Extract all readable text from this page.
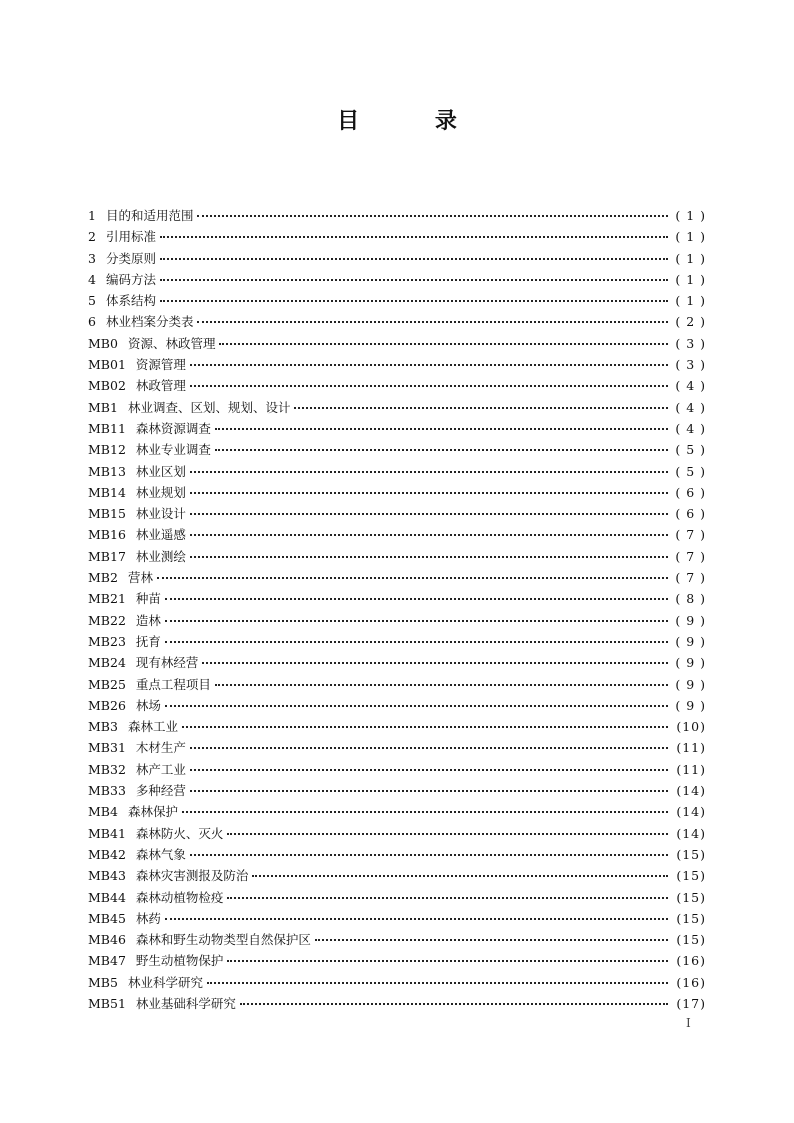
目	录
1 目的和适用范围	( 1 )
2 引用标准	( 1 )
3 分类原则	( 1 )
4 编码方法	( 1 )
5 体系结构	( 1 )
6 林业档案分类表	( 2 )
MB0 资源、林政管理	( 3 )
MB01 资源管理	( 3 )
MB02 林政管理	( 4 )
MB1 林业调查、区划、规划、设计	( 4 )
MB11 森林资源调查	( 4 )
MB12 林业专业调查	( 5 )
MB13 林业区划	( 5 )
MB14 林业规划	( 6 )
MB15 林业设计	( 6 )
MB16 林业遥感	( 7 )
MB17 林业测绘	( 7 )
MB2 营林	( 7 )
MB21 种苗	( 8 )
MB22 造林	( 9 )
MB23 抚育	( 9 )
MB24 现有林经营	( 9 )
MB25 重点工程项目	( 9 )
MB26 林场	( 9 )
MB3 森林工业	(10)
MB31 木材生产	(11)
MB32 林产工业	(11)
MB33 多种经营	(14)
MB4 森林保护	(14)
MB41 森林防火、灭火	(14)
MB42 森林气象	(15)
MB43 森林灾害测报及防治	(15)
MB44 森林动植物检疫	(15)
MB45 林药	(15)
MB46 森林和野生动物类型自然保护区	(15)
MB47 野生动植物保护	(16)
MB5 林业科学研究	(16)
MB51 林业基础科学研究	(17)
I
